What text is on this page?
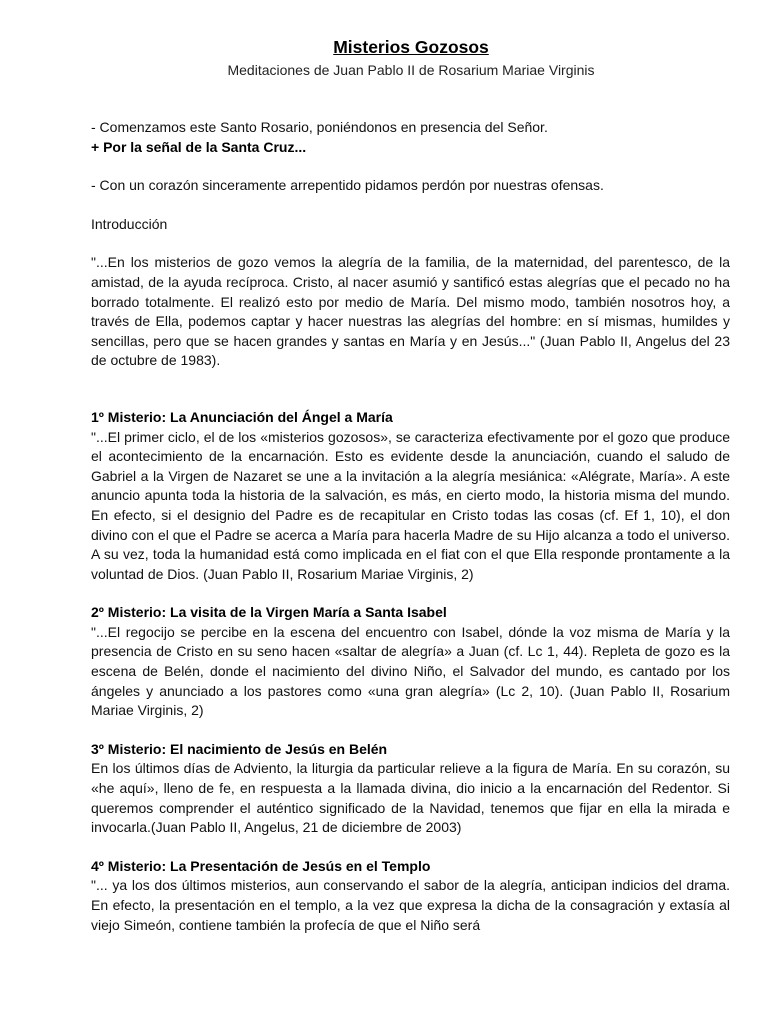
Misterios Gozosos
Meditaciones de Juan Pablo II de Rosarium Mariae Virginis

- Comenzamos este Santo Rosario, poniéndonos en presencia del Señor.

+ Por la señal de la Santa Cruz...

- Con un corazón sinceramente arrepentido pidamos perdón por nuestras ofensas.

Introducción

"...En los misterios de gozo vemos la alegría de la familia, de la maternidad, del parentesco, de la amistad, de la ayuda recíproca. Cristo, al nacer asumió y santificó estas alegrías que el pecado no ha borrado totalmente. El realizó esto por medio de María. Del mismo modo, también nosotros hoy, a través de Ella, podemos captar y hacer nuestras las alegrías del hombre: en sí mismas, humildes y sencillas, pero que se hacen grandes y santas en María y en Jesús..." (Juan Pablo II, Angelus del 23 de octubre de 1983).

1º Misterio: La Anunciación del Ángel a María

"...El primer ciclo, el de los «misterios gozosos», se caracteriza efectivamente por el gozo que produce el acontecimiento de la encarnación. Esto es evidente desde la anunciación, cuando el saludo de Gabriel a la Virgen de Nazaret se une a la invitación a la alegría mesiánica: «Alégrate, María». A este anuncio apunta toda la historia de la salvación, es más, en cierto modo, la historia misma del mundo. En efecto, si el designio del Padre es de recapitular en Cristo todas las cosas (cf. Ef 1, 10), el don divino con el que el Padre se acerca a María para hacerla Madre de su Hijo alcanza a todo el universo. A su vez, toda la humanidad está como implicada en el fiat con el que Ella responde prontamente a la voluntad de Dios. (Juan Pablo II, Rosarium Mariae Virginis, 2)

2º Misterio: La visita de la Virgen María a Santa Isabel

"...El regocijo se percibe en la escena del encuentro con Isabel, dónde la voz misma de María y la presencia de Cristo en su seno hacen «saltar de alegría» a Juan (cf. Lc 1, 44). Repleta de gozo es la escena de Belén, donde el nacimiento del divino Niño, el Salvador del mundo, es cantado por los ángeles y anunciado a los pastores como «una gran alegría» (Lc 2, 10). (Juan Pablo II, Rosarium Mariae Virginis, 2)

3º Misterio: El nacimiento de Jesús en Belén

En los últimos días de Adviento, la liturgia da particular relieve a la figura de María. En su corazón, su «he aquí», lleno de fe, en respuesta a la llamada divina, dio inicio a la encarnación del Redentor. Si queremos comprender el auténtico significado de la Navidad, tenemos que fijar en ella la mirada e invocarla.(Juan Pablo II, Angelus, 21 de diciembre de 2003)

4º Misterio: La Presentación de Jesús en el Templo

"... ya los dos últimos misterios, aun conservando el sabor de la alegría, anticipan indicios del drama. En efecto, la presentación en el templo, a la vez que expresa la dicha de la consagración y extasía al viejo Simeón, contiene también la profecía de que el Niño será
